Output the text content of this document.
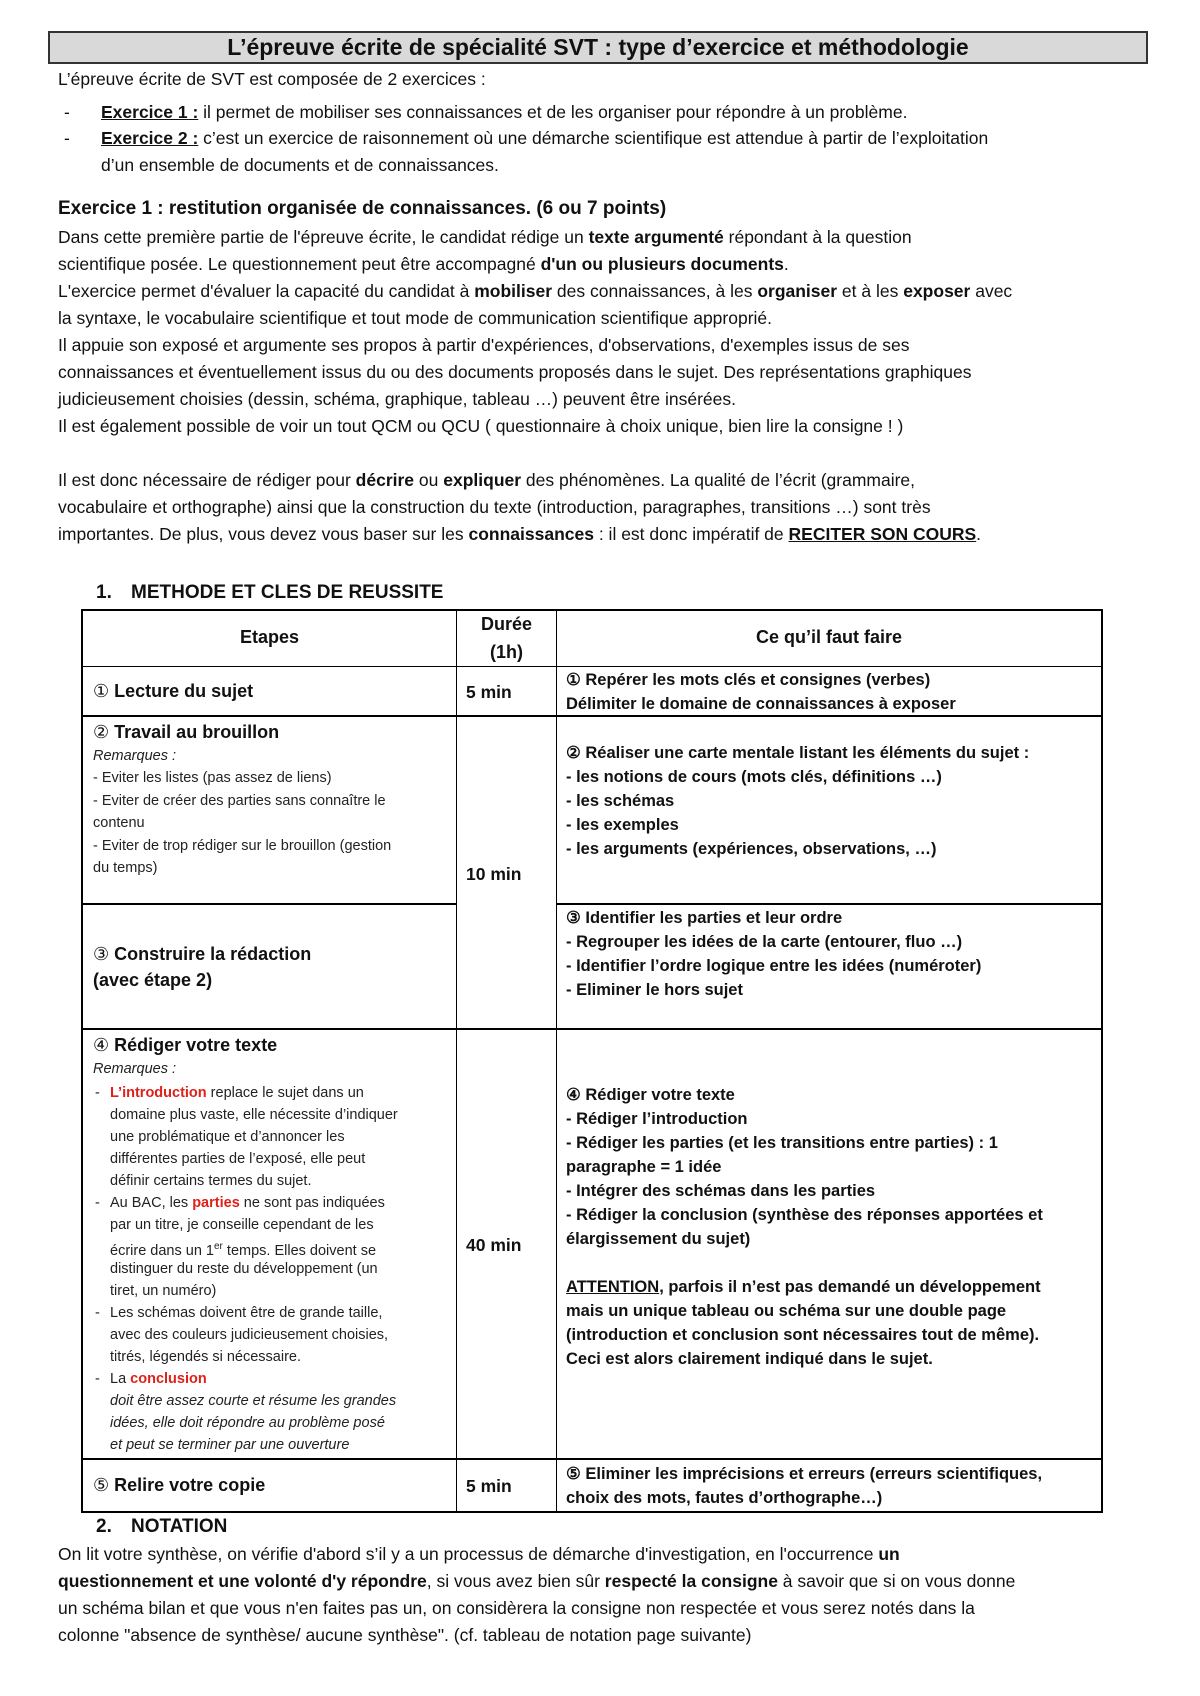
L’épreuve écrite de spécialité SVT : type d’exercice et méthodologie
L’épreuve écrite de SVT est composée de 2 exercices :
- Exercice 1 : il permet de mobiliser ses connaissances et de les organiser pour répondre à un problème.
- Exercice 2 : c’est un exercice de raisonnement où une démarche scientifique est attendue à partir de l’exploitation
d’un ensemble de documents et de connaissances.
Exercice 1 : restitution organisée de connaissances. (6 ou 7 points)
Dans cette première partie de l'épreuve écrite, le candidat rédige un texte argumenté répondant à la question
scientifique posée. Le questionnement peut être accompagné d'un ou plusieurs documents.
L'exercice permet d'évaluer la capacité du candidat à mobiliser des connaissances, à les organiser et à les exposer avec
la syntaxe, le vocabulaire scientifique et tout mode de communication scientifique approprié.
Il appuie son exposé et argumente ses propos à partir d'expériences, d'observations, d'exemples issus de ses
connaissances et éventuellement issus du ou des documents proposés dans le sujet. Des représentations graphiques
judicieusement choisies (dessin, schéma, graphique, tableau …) peuvent être insérées.
Il est également possible de voir un tout QCM ou QCU ( questionnaire à choix unique, bien lire la consigne ! )
Il est donc nécessaire de rédiger pour décrire ou expliquer des phénomènes. La qualité de l’écrit (grammaire,
vocabulaire et orthographe) ainsi que la construction du texte (introduction, paragraphes, transitions …) sont très
importantes. De plus, vous devez vous baser sur les connaissances : il est donc impératif de RECITER SON COURS.
1. METHODE ET CLES DE REUSSITE
Etapes
Durée
(1h)
Ce qu’il faut faire
① Lecture du sujet	5 min
① Repérer les mots clés et consignes (verbes)
Délimiter le domaine de connaissances à exposer
② Travail au brouillon
Remarques :
- Eviter les listes (pas assez de liens)
- Eviter de créer des parties sans connaître le
contenu
- Eviter de trop rédiger sur le brouillon (gestion
du temps)	10 min
② Réaliser une carte mentale listant les éléments du sujet :
- les notions de cours (mots clés, définitions …)
- les schémas
- les exemples
- les arguments (expériences, observations, …)
③ Construire la rédaction
(avec étape 2)
③ Identifier les parties et leur ordre
- Regrouper les idées de la carte (entourer, fluo …)
- Identifier l’ordre logique entre les idées (numéroter)
- Eliminer le hors sujet
④ Rédiger votre texte
Remarques :
- L’introduction replace le sujet dans un
domaine plus vaste, elle nécessite d’indiquer
une problématique et d’annoncer les
différentes parties de l’exposé, elle peut
définir certains termes du sujet.
- Au BAC, les parties ne sont pas indiquées
par un titre, je conseille cependant de les
écrire dans un 1er temps. Elles doivent se
distinguer du reste du développement (un
tiret, un numéro)
- Les schémas doivent être de grande taille,
avec des couleurs judicieusement choisies,
titrés, légendés si nécessaire.
- La conclusion
doit être assez courte et résume les grandes
idées, elle doit répondre au problème posé
et peut se terminer par une ouverture
40 min
④ Rédiger votre texte
- Rédiger l’introduction
- Rédiger les parties (et les transitions entre parties) : 1
paragraphe = 1 idée
- Intégrer des schémas dans les parties
- Rédiger la conclusion (synthèse des réponses apportées et
élargissement du sujet)
ATTENTION, parfois il n’est pas demandé un développement
mais un unique tableau ou schéma sur une double page
(introduction et conclusion sont nécessaires tout de même).
Ceci est alors clairement indiqué dans le sujet.
⑤ Relire votre copie	5 min
⑤ Eliminer les imprécisions et erreurs (erreurs scientifiques,
choix des mots, fautes d’orthographe…)
2. NOTATION
On lit votre synthèse, on vérifie d'abord s’il y a un processus de démarche d'investigation, en l'occurrence un
questionnement et une volonté d'y répondre, si vous avez bien sûr respecté la consigne à savoir que si on vous donne
un schéma bilan et que vous n'en faites pas un, on considèrera la consigne non respectée et vous serez notés dans la
colonne "absence de synthèse/ aucune synthèse". (cf. tableau de notation page suivante)
